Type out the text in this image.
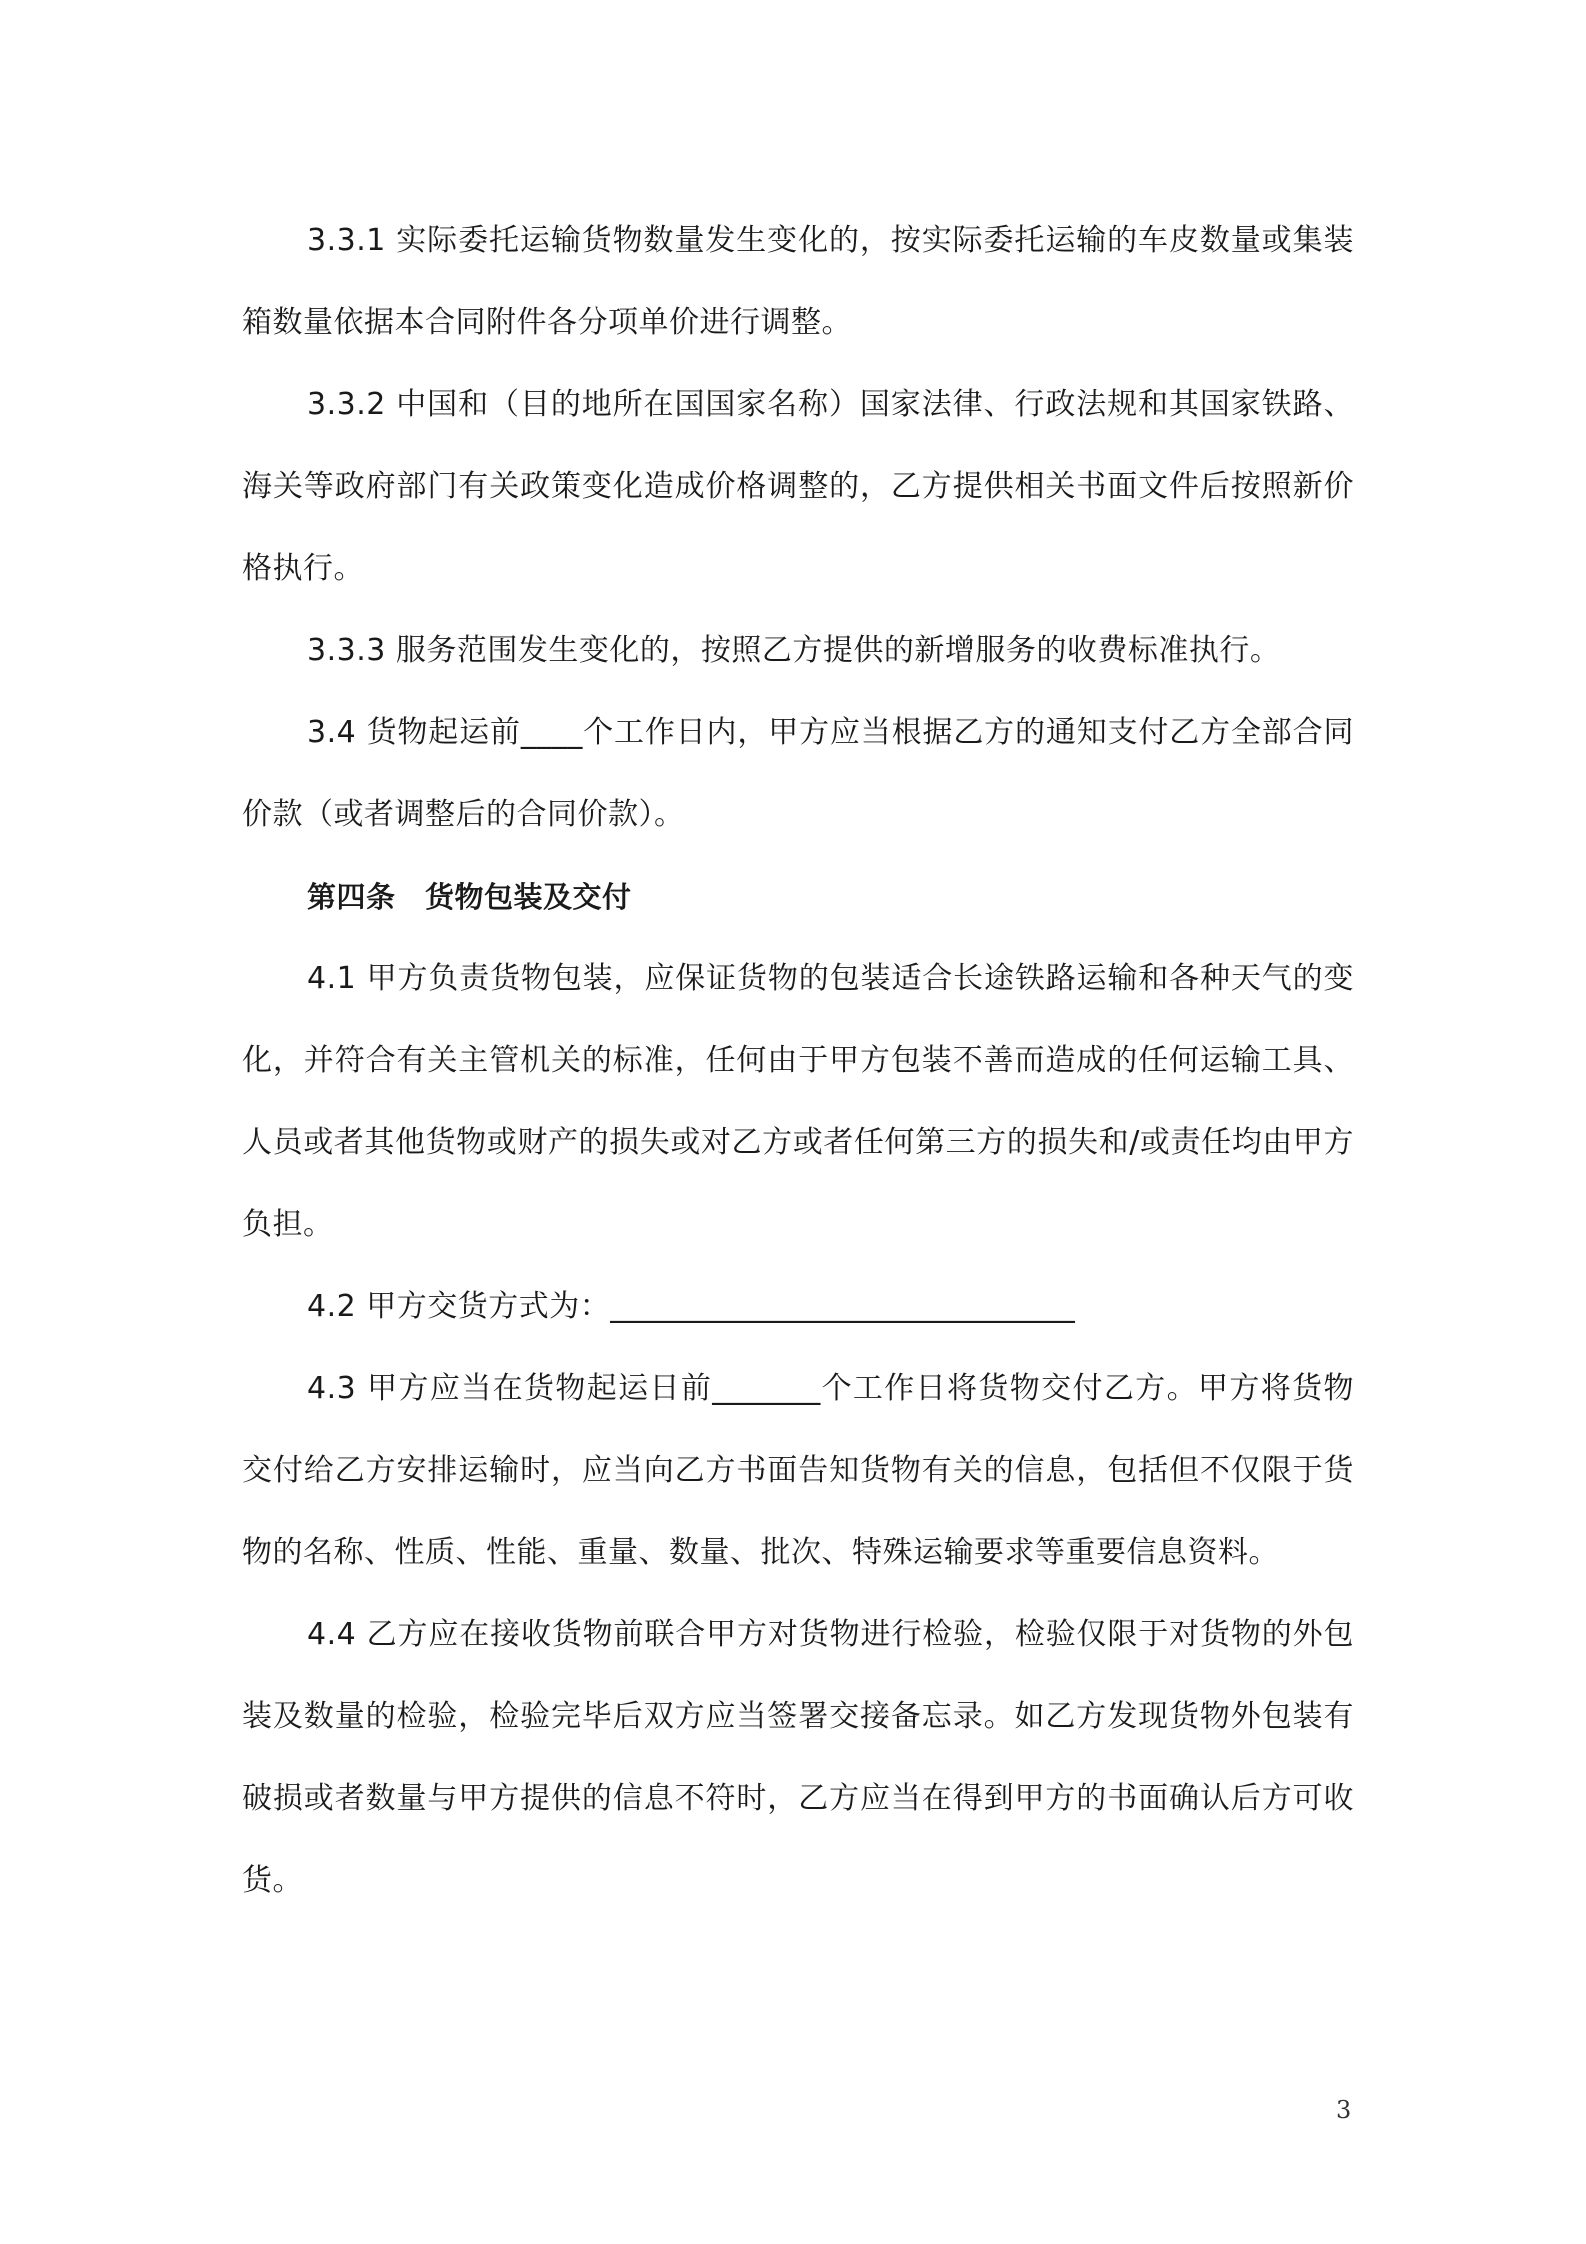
3.3.1 实际委托运输货物数量发生变化的，按实际委托运输的车皮数量或集装箱数量依据本合同附件各分项单价进行调整。

3.3.2 中国和（目的地所在国国家名称）国家法律、行政法规和其国家铁路、海关等政府部门有关政策变化造成价格调整的，乙方提供相关书面文件后按照新价格执行。

3.3.3 服务范围发生变化的，按照乙方提供的新增服务的收费标准执行。

3.4 货物起运前____个工作日内，甲方应当根据乙方的通知支付乙方全部合同价款（或者调整后的合同价款）。

第四条　货物包装及交付

4.1 甲方负责货物包装，应保证货物的包装适合长途铁路运输和各种天气的变化，并符合有关主管机关的标准，任何由于甲方包装不善而造成的任何运输工具、人员或者其他货物或财产的损失或对乙方或者任何第三方的损失和/或责任均由甲方负担。

4.2 甲方交货方式为：______________________________

4.3 甲方应当在货物起运日前_______个工作日将货物交付乙方。甲方将货物交付给乙方安排运输时，应当向乙方书面告知货物有关的信息，包括但不仅限于货物的名称、性质、性能、重量、数量、批次、特殊运输要求等重要信息资料。

4.4 乙方应在接收货物前联合甲方对货物进行检验，检验仅限于对货物的外包装及数量的检验，检验完毕后双方应当签署交接备忘录。如乙方发现货物外包装有破损或者数量与甲方提供的信息不符时，乙方应当在得到甲方的书面确认后方可收货。

3
